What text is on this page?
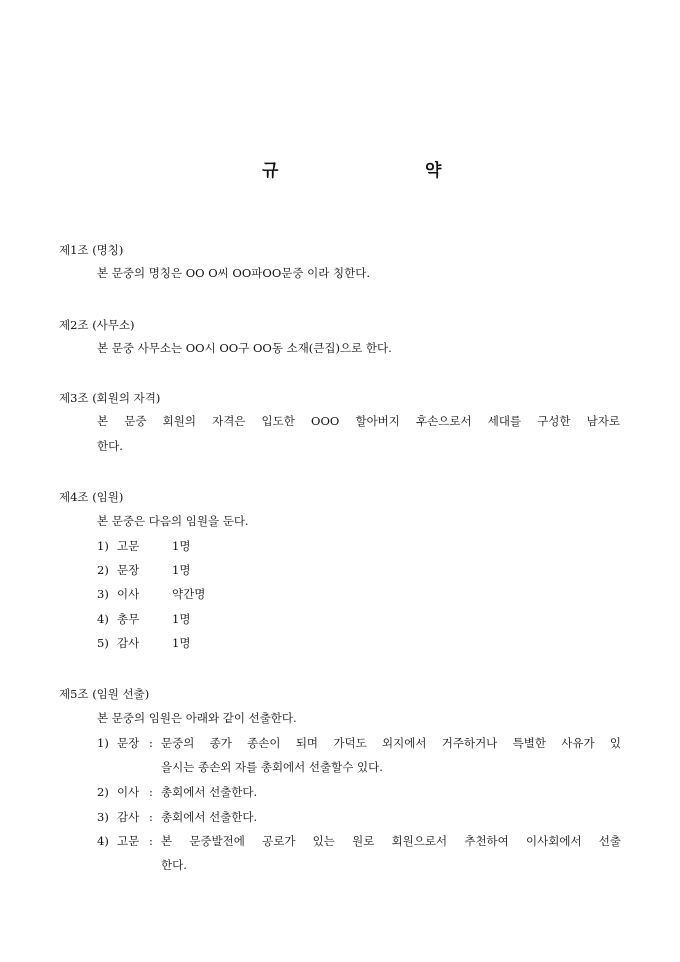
규	약
제1조 (명칭)
본 문중의 명칭은 OO O씨 OO파OO문중 이라 칭한다.
제2조 (사무소)
본 문중 사무소는 OO시 OO구 OO동 소재(큰집)으로 한다.
제3조 (회원의 자격)
본 문중 회원의 자격은 입도한 OOO 할아버지 후손으로서 세대를 구성한 남자로
한다.
제4조 (임원)
본 문중은 다음의 임원을 둔다.
1) 고문	1명
2) 문장	1명
3) 이사	약간명
4) 총무	1명
5) 감사	1명
제5조 (임원 선출)
본 문중의 임원은 아래와 같이 선출한다.
1) 문장 : 문중의 종가 종손이 되며 가덕도 외지에서 거주하거나 특별한 사유가 있
을시는 종손외 자를 총회에서 선출할수 있다.
2) 이사 : 총회에서 선출한다.
3) 감사 : 총회에서 선출한다.
4) 고문 : 본 문중발전에 공로가 있는 원로 회원으로서 추천하여 이사회에서 선출
한다.
